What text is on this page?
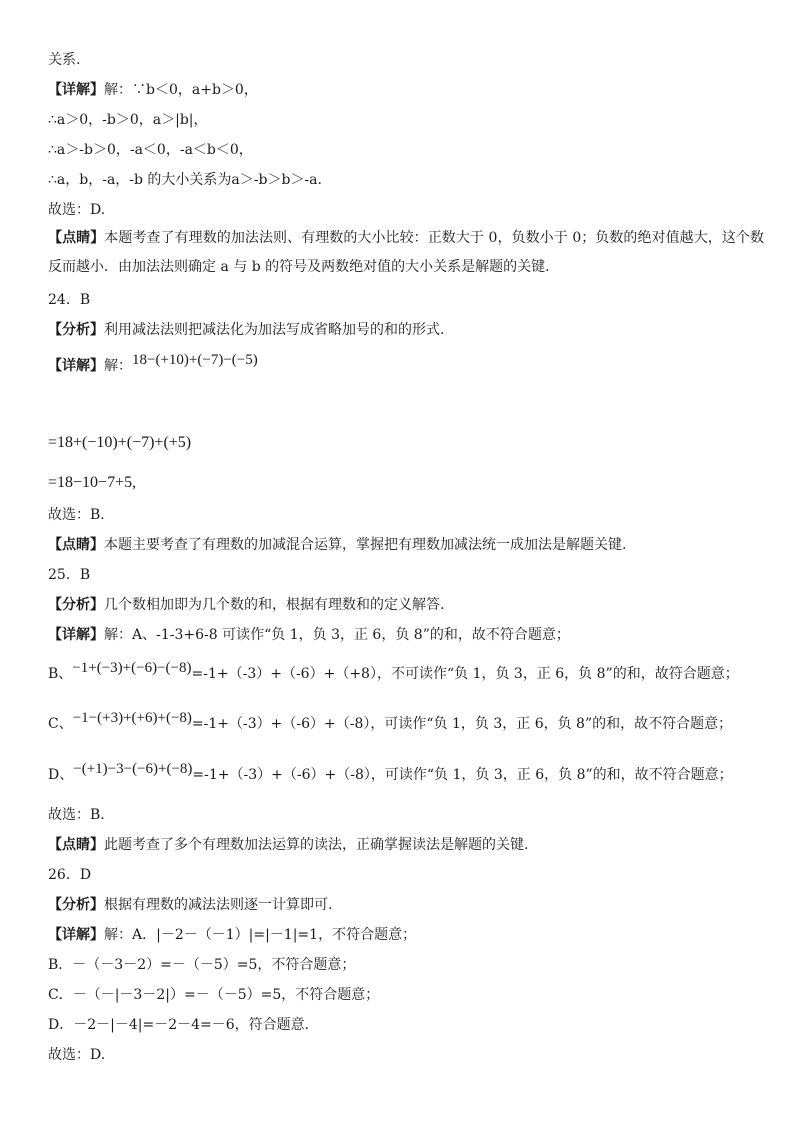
关系.
【详解】解：∵b＜0，a+b＞0，
∴a＞0，-b＞0，a＞|b|，
∴a＞-b＞0，-a＜0，-a＜b＜0，
∴a，b，-a，-b 的大小关系为a＞-b＞b＞-a.
故选：D.
【点睛】本题考查了有理数的加法法则、有理数的大小比较：正数大于 0，负数小于 0；负数的绝对值越大，这个数反而越小．由加法法则确定 a 与 b 的符号及两数绝对值的大小关系是解题的关键.
24．B
【分析】利用减法法则把减法化为加法写成省略加号的和的形式.
【详解】解：18−(+10)+(−7)−(−5)
=18+(−10)+(−7)+(+5)
=18−10−7+5,
故选：B.
【点睛】本题主要考查了有理数的加减混合运算，掌握把有理数加减法统一成加法是解题关键.
25．B
【分析】几个数相加即为几个数的和，根据有理数和的定义解答.
【详解】解：A、-1-3+6-8 可读作“负 1，负 3，正 6，负 8”的和，故不符合题意；
B、−1+(−3)+(−6)−(−8)=-1+（-3）+（-6）+（+8），不可读作“负 1，负 3，正 6，负 8”的和，故符合题意；
C、−1−(+3)+(+6)+(−8)=-1+（-3）+（-6）+（-8），可读作“负 1，负 3，正 6，负 8”的和，故不符合题意；
D、−(+1)−3−(−6)+(−8)=-1+（-3）+（-6）+（-8），可读作“负 1，负 3，正 6，负 8”的和，故不符合题意；
故选：B.
【点睛】此题考查了多个有理数加法运算的读法，正确掌握读法是解题的关键.
26．D
【分析】根据有理数的减法法则逐一计算即可.
【详解】解：A．|－2－（－1）|=|－1|=1，不符合题意；
B．－（－3－2）=－（－5）=5，不符合题意；
C．－（－|－3－2|）=－（－5）=5，不符合题意；
D．－2－|－4|=－2－4=－6，符合题意.
故选：D.
